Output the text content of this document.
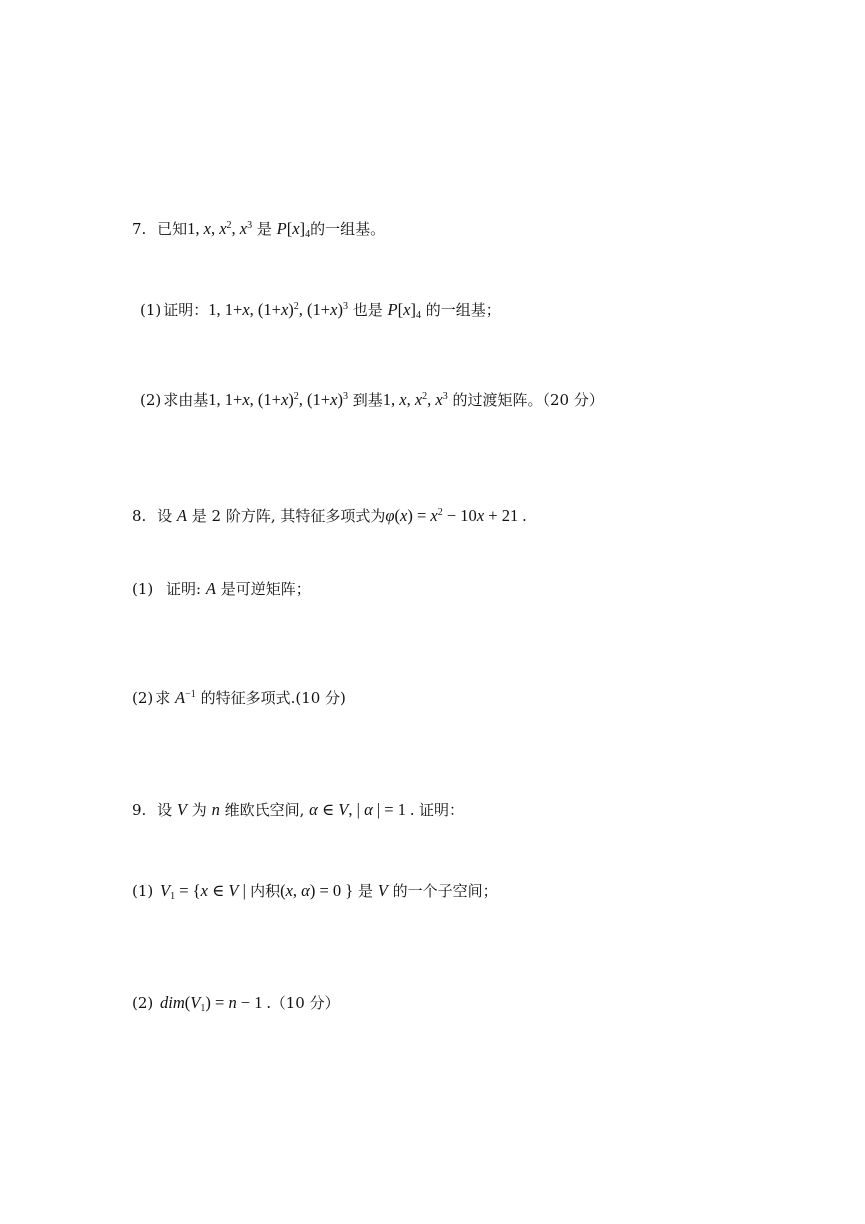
7. 已知1, x, $x^2$, $x^3$ 是 $P[x]_4$的一组基。
(1) 证明：1, 1+x, $(1+x)^2$, $(1+x)^3$ 也是 $P[x]_4$ 的一组基；
(2) 求由基1, 1+x, $(1+x)^2$, $(1+x)^3$ 到基1, x, $x^2$, $x^3$ 的过渡矩阵。（20 分）
8. 设 A 是 2 阶方阵, 其特征多项式为$\varphi(x) = x^2 - 10x + 21$ .
(1) 证明: A 是可逆矩阵；
(2) 求 $A^{-1}$ 的特征多项式.(10 分)
9. 设 V 为 n 维欧氏空间, α ∈ V, | α | = 1 . 证明：
(1) $V_1 = \{x$ ∈ V | 内积(x, α) = 0 } 是 V 的一个子空间；
(2) $dim(V_1) = n - 1$ .（10 分）
